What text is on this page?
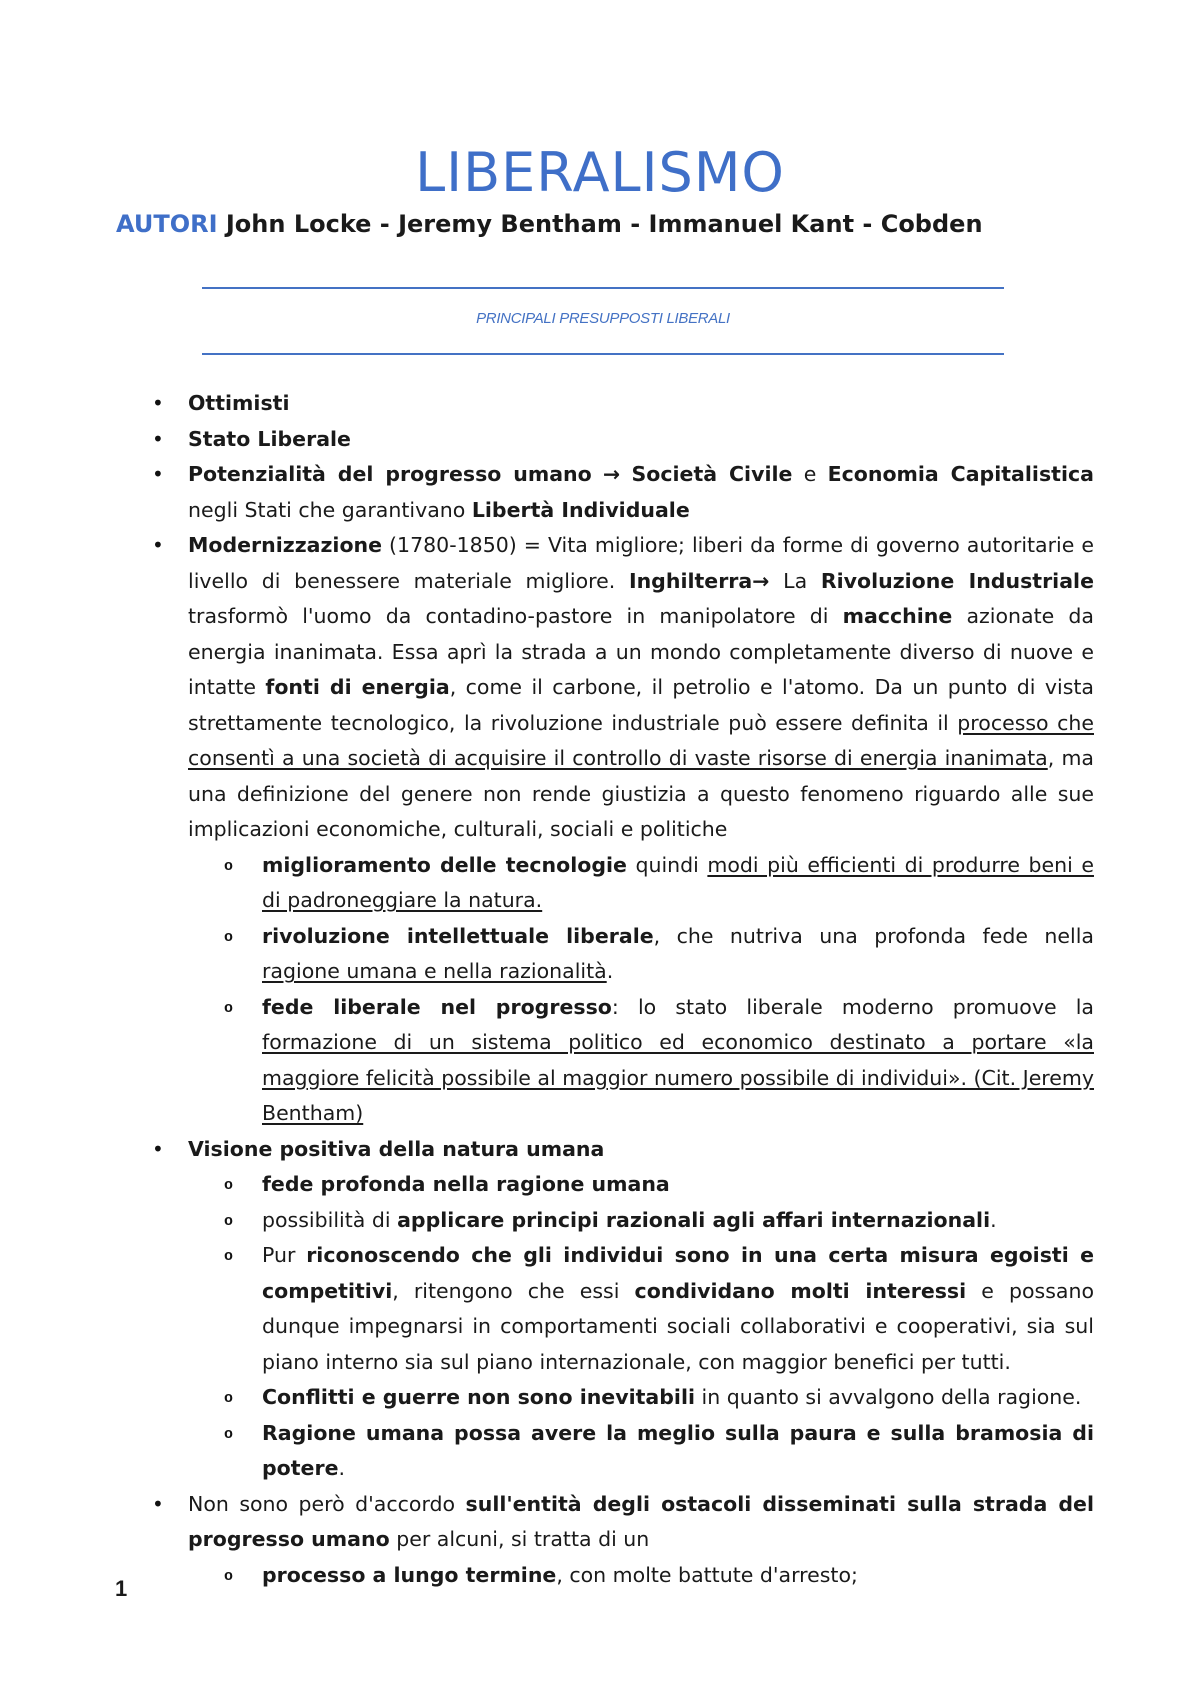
LIBERALISMO
AUTORI John Locke - Jeremy Bentham - Immanuel Kant - Cobden
PRINCIPALI PRESUPPOSTI LIBERALI
• Ottimisti
• Stato Liberale
• Potenzialità del progresso umano → Società Civile e Economia Capitalistica negli Stati che garantivano Libertà Individuale
• Modernizzazione (1780-1850) = Vita migliore; liberi da forme di governo autoritarie e livello di benessere materiale migliore. Inghilterra→ La Rivoluzione Industriale trasformò l'uomo da contadino-pastore in manipolatore di macchine azionate da energia inanimata. Essa aprì la strada a un mondo completamente diverso di nuove e intatte fonti di energia, come il carbone, il petrolio e l'atomo. Da un punto di vista strettamente tecnologico, la rivoluzione industriale può essere definita il processo che consentì a una società di acquisire il controllo di vaste risorse di energia inanimata, ma una definizione del genere non rende giustizia a questo fenomeno riguardo alle sue implicazioni economiche, culturali, sociali e politiche
o miglioramento delle tecnologie quindi modi più efficienti di produrre beni e di padroneggiare la natura.
o rivoluzione intellettuale liberale, che nutriva una profonda fede nella ragione umana e nella razionalità.
o fede liberale nel progresso: lo stato liberale moderno promuove la formazione di un sistema politico ed economico destinato a portare «la maggiore felicità possibile al maggior numero possibile di individui». (Cit. Jeremy Bentham)
• Visione positiva della natura umana
o fede profonda nella ragione umana
o possibilità di applicare principi razionali agli affari internazionali.
o Pur riconoscendo che gli individui sono in una certa misura egoisti e competitivi, ritengono che essi condividano molti interessi e possano dunque impegnarsi in comportamenti sociali collaborativi e cooperativi, sia sul piano interno sia sul piano internazionale, con maggior benefici per tutti.
o Conflitti e guerre non sono inevitabili in quanto si avvalgono della ragione.
o Ragione umana possa avere la meglio sulla paura e sulla bramosia di potere.
• Non sono però d'accordo sull'entità degli ostacoli disseminati sulla strada del progresso umano per alcuni, si tratta di un
o processo a lungo termine, con molte battute d'arresto;
1
